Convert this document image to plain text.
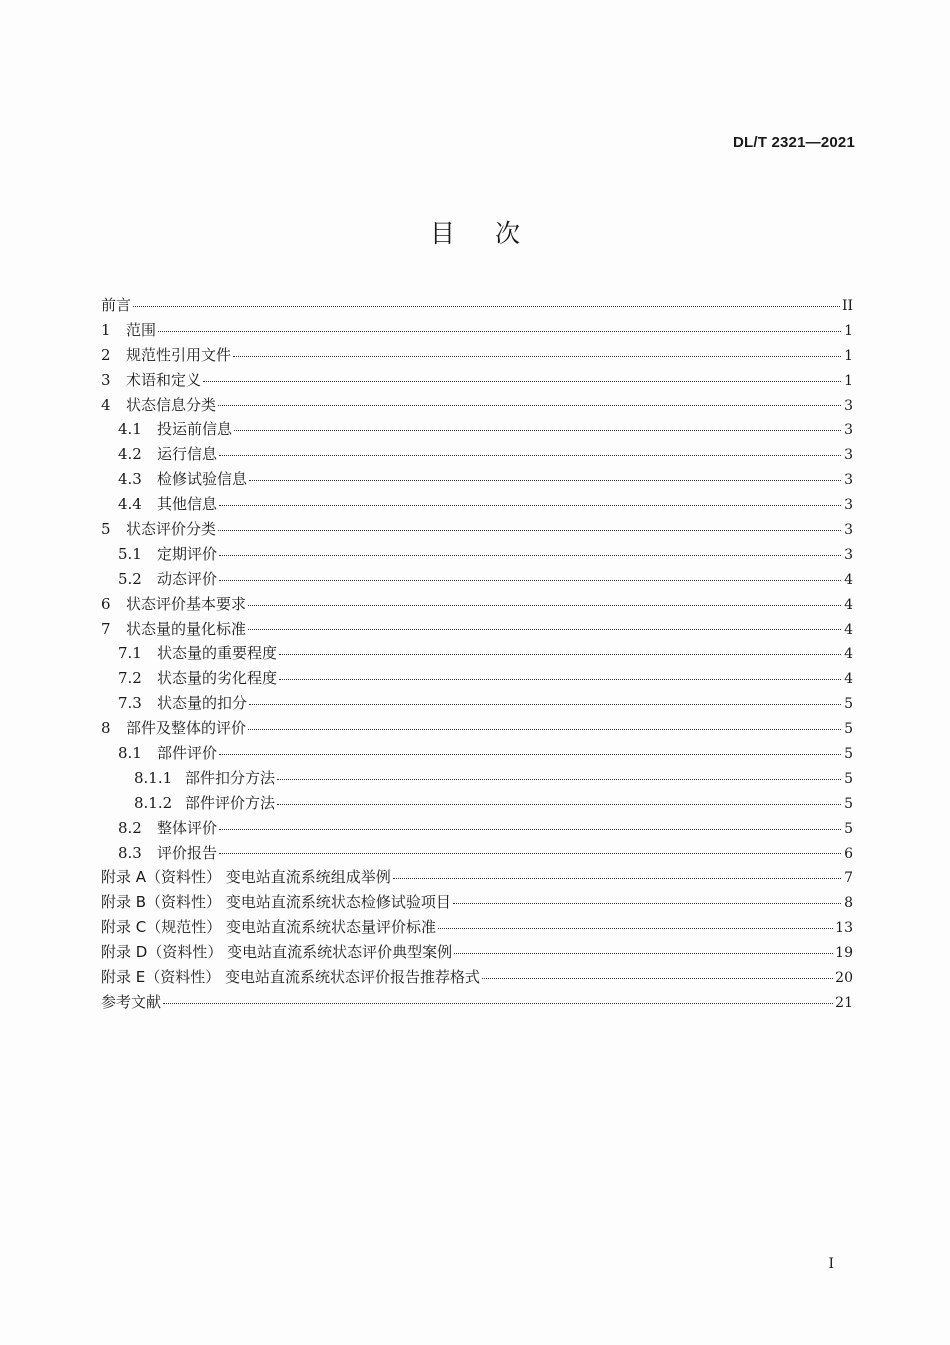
DL/T 2321—2021
目次
前言	II
1	范围	1
2	规范性引用文件	1
3	术语和定义	1
4	状态信息分类	3
4.1	投运前信息	3
4.2	运行信息	3
4.3	检修试验信息	3
4.4	其他信息	3
5	状态评价分类	3
5.1	定期评价	3
5.2	动态评价	4
6	状态评价基本要求	4
7	状态量的量化标准	4
7.1	状态量的重要程度	4
7.2	状态量的劣化程度	4
7.3	状态量的扣分	5
8	部件及整体的评价	5
8.1	部件评价	5
8.1.1 部件扣分方法	5
8.1.2 部件评价方法	5
8.2	整体评价	5
8.3	评价报告	6
附录 A（资料性） 变电站直流系统组成举例	7
附录 B（资料性） 变电站直流系统状态检修试验项目	8
附录 C（规范性） 变电站直流系统状态量评价标准	13
附录 D（资料性） 变电站直流系统状态评价典型案例	19
附录 E（资料性） 变电站直流系统状态评价报告推荐格式	20
参考文献	21
I
